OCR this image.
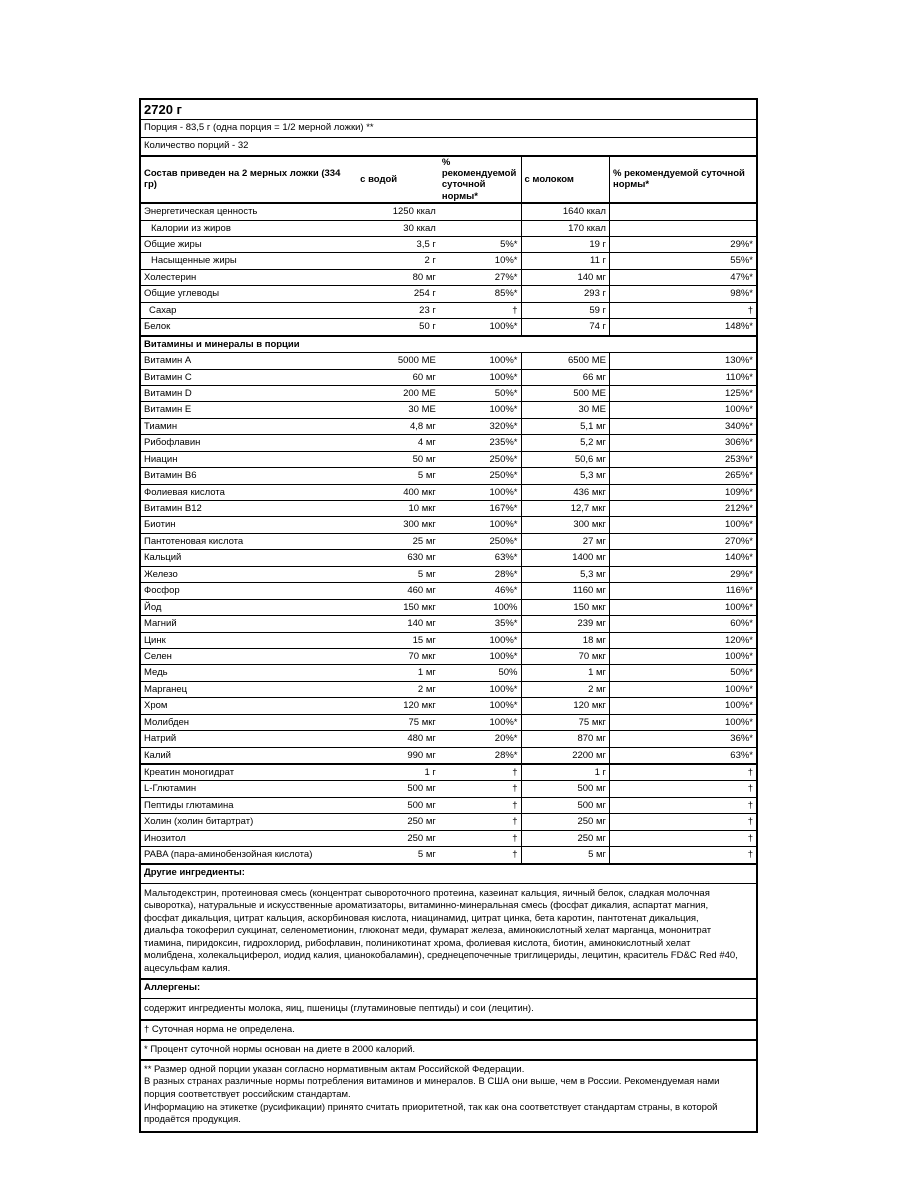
2720 г
Порция - 83,5 г (одна порция = 1/2 мерной ложки) **
Количество порций - 32
Состав приведен на 2 мерных ложки (334 гр)	с водой	% рекомендуемой суточной нормы*	с молоком	% рекомендуемой суточной нормы*
Энергетическая ценность	1250 ккал		1640 ккал	
Калории из жиров	30 ккал		170 ккал	
Общие жиры	3,5 г	5%*	19 г	29%*
Насыщенные жиры	2 г	10%*	11 г	55%*
Холестерин	80 мг	27%*	140 мг	47%*
Общие углеводы	254 г	85%*	293 г	98%*
Сахар	23 г	†	59 г	†
Белок	50 г	100%*	74 г	148%*
Витамины и минералы в порции				
Витамин А	5000 МЕ	100%*	6500 МЕ	130%*
Витамин С	60 мг	100%*	66 мг	110%*
Витамин D	200 МЕ	50%*	500 МЕ	125%*
Витамин Е	30 МЕ	100%*	30 МЕ	100%*
Тиамин	4,8 мг	320%*	5,1 мг	340%*
Рибофлавин	4 мг	235%*	5,2 мг	306%*
Ниацин	50 мг	250%*	50,6 мг	253%*
Витамин В6	5 мг	250%*	5,3 мг	265%*
Фолиевая кислота	400 мкг	100%*	436 мкг	109%*
Витамин В12	10 мкг	167%*	12,7 мкг	212%*
Биотин	300 мкг	100%*	300 мкг	100%*
Пантотеновая кислота	25 мг	250%*	27 мг	270%*
Кальций	630 мг	63%*	1400 мг	140%*
Железо	5 мг	28%*	5,3 мг	29%*
Фосфор	460 мг	46%*	1160 мг	116%*
Йод	150 мкг	100%	150 мкг	100%*
Магний	140 мг	35%*	239 мг	60%*
Цинк	15 мг	100%*	18 мг	120%*
Селен	70 мкг	100%*	70 мкг	100%*
Медь	1 мг	50%	1 мг	50%*
Марганец	2 мг	100%*	2 мг	100%*
Хром	120 мкг	100%*	120 мкг	100%*
Молибден	75 мкг	100%*	75 мкг	100%*
Натрий	480 мг	20%*	870 мг	36%*
Калий	990 мг	28%*	2200 мг	63%*
Креатин моногидрат	1 г	†	1 г	†
L-Глютамин	500 мг	†	500 мг	†
Пептиды глютамина	500 мг	†	500 мг	†
Холин (холин битартрат)	250 мг	†	250 мг	†
Инозитол	250 мг	†	250 мг	†
PABA (пара-аминобензойная кислота)	5 мг	†	5 мг	†
Другие ингредиенты:
Мальтодекстрин, протеиновая смесь (концентрат сывороточного протеина, казеинат кальция, яичный белок, сладкая молочная
сыворотка), натуральные и искусственные ароматизаторы, витаминно-минеральная смесь (фосфат дикалия, аспартат магния,
фосфат дикальция, цитрат кальция, аскорбиновая кислота, ниацинамид, цитрат цинка, бета каротин, пантотенат дикальция,
диальфа токоферил сукцинат, селенометионин, глюконат меди, фумарат железа, аминокислотный хелат марганца, мононитрат
тиамина, пиридоксин, гидрохлорид, рибофлавин, полиникотинат хрома, фолиевая кислота, биотин, аминокислотный хелат
молибдена, холекальциферол, иодид калия, цианокобаламин), среднецепочечные триглицериды, лецитин, краситель FD&C Red #40,
ацесульфам калия.
Аллергены:
содержит ингредиенты молока, яиц, пшеницы (глутаминовые пептиды) и сои (лецитин).
† Суточная норма не определена.
* Процент суточной нормы основан на диете в 2000 калорий.
** Размер одной порции указан согласно нормативным актам Российской Федерации.
В разных странах различные нормы потребления витаминов и минералов. В США они выше, чем в России. Рекомендуемая нами
порция соответствует российским стандартам.
Информацию на этикетке (русификации) принято считать приоритетной, так как она соответствует стандартам страны, в которой
продаётся продукция.
